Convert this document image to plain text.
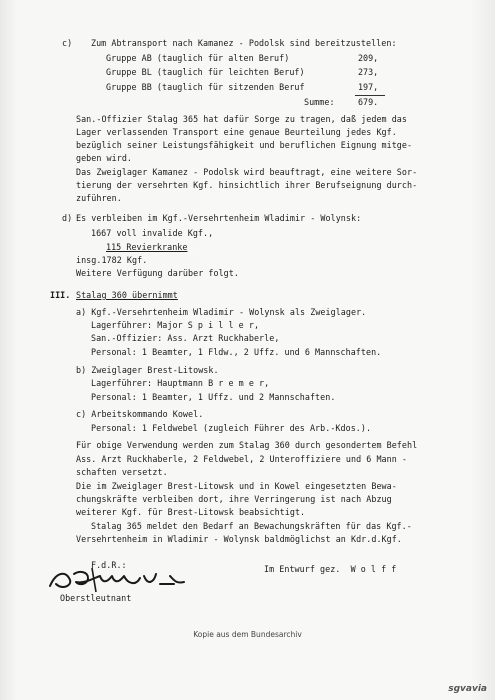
c) Zum Abtransport nach Kamanez - Podolsk sind bereitzustellen:
Gruppe AB (tauglich für alten Beruf)	209,
Gruppe BL (tauglich für leichten Beruf)	273,
Gruppe BB (tauglich für sitzenden Beruf	197,
Summe:	679.
San.-Offizier Stalag 365 hat dafür Sorge zu tragen, daß jedem das
Lager verlassenden Transport eine genaue Beurteilung jedes Kgf.
bezüglich seiner Leistungsfähigkeit und beruflichen Eignung mitge-
geben wird.
Das Zweiglager Kamanez - Podolsk wird beauftragt, eine weitere Sor-
tierung der versehrten Kgf. hinsichtlich ihrer Berufseignung durch-
zuführen.
d) Es verbleiben im Kgf.-Versehrtenheim Wladimir - Wolynsk:
1667 voll invalide Kgf.,
115 Revierkranke
insg.1782 Kgf.
Weitere Verfügung darüber folgt.
III. Stalag 360 übernimmt
a) Kgf.-Versehrtenheim Wladimir - Wolynsk als Zweiglager.
Lagerführer: Major S p i l l e r,
San.-Offizier: Ass. Arzt Ruckhaberle,
Personal: 1 Beamter, 1 Fldw., 2 Uffz. und 6 Mannschaften.
b) Zweiglager Brest-Litowsk.
Lagerführer: Hauptmann B r e m e r,
Personal: 1 Beamter, 1 Uffz. und 2 Mannschaften.
c) Arbeitskommando Kowel.
Personal: 1 Feldwebel (zugleich Führer des Arb.-Kdos.).
Für obige Verwendung werden zum Stalag 360 durch gesondertem Befehl
Ass. Arzt Ruckhaberle, 2 Feldwebel, 2 Unteroffiziere und 6 Mann -
schaften versetzt.
Die im Zweiglager Brest-Litowsk und in Kowel eingesetzten Bewa-
chungskräfte verbleiben dort, ihre Verringerung ist nach Abzug
weiterer Kgf. für Brest-Litowsk beabsichtigt.
Stalag 365 meldet den Bedarf an Bewachungskräften für das Kgf.-
Versehrtenheim in Wladimir - Wolynsk baldmöglichst an Kdr.d.Kgf.
F.d.R.:	Im Entwurf gez.  W o l f f
Oberstleutnant
Kopie aus dem Bundesarchiv
sgvavia
